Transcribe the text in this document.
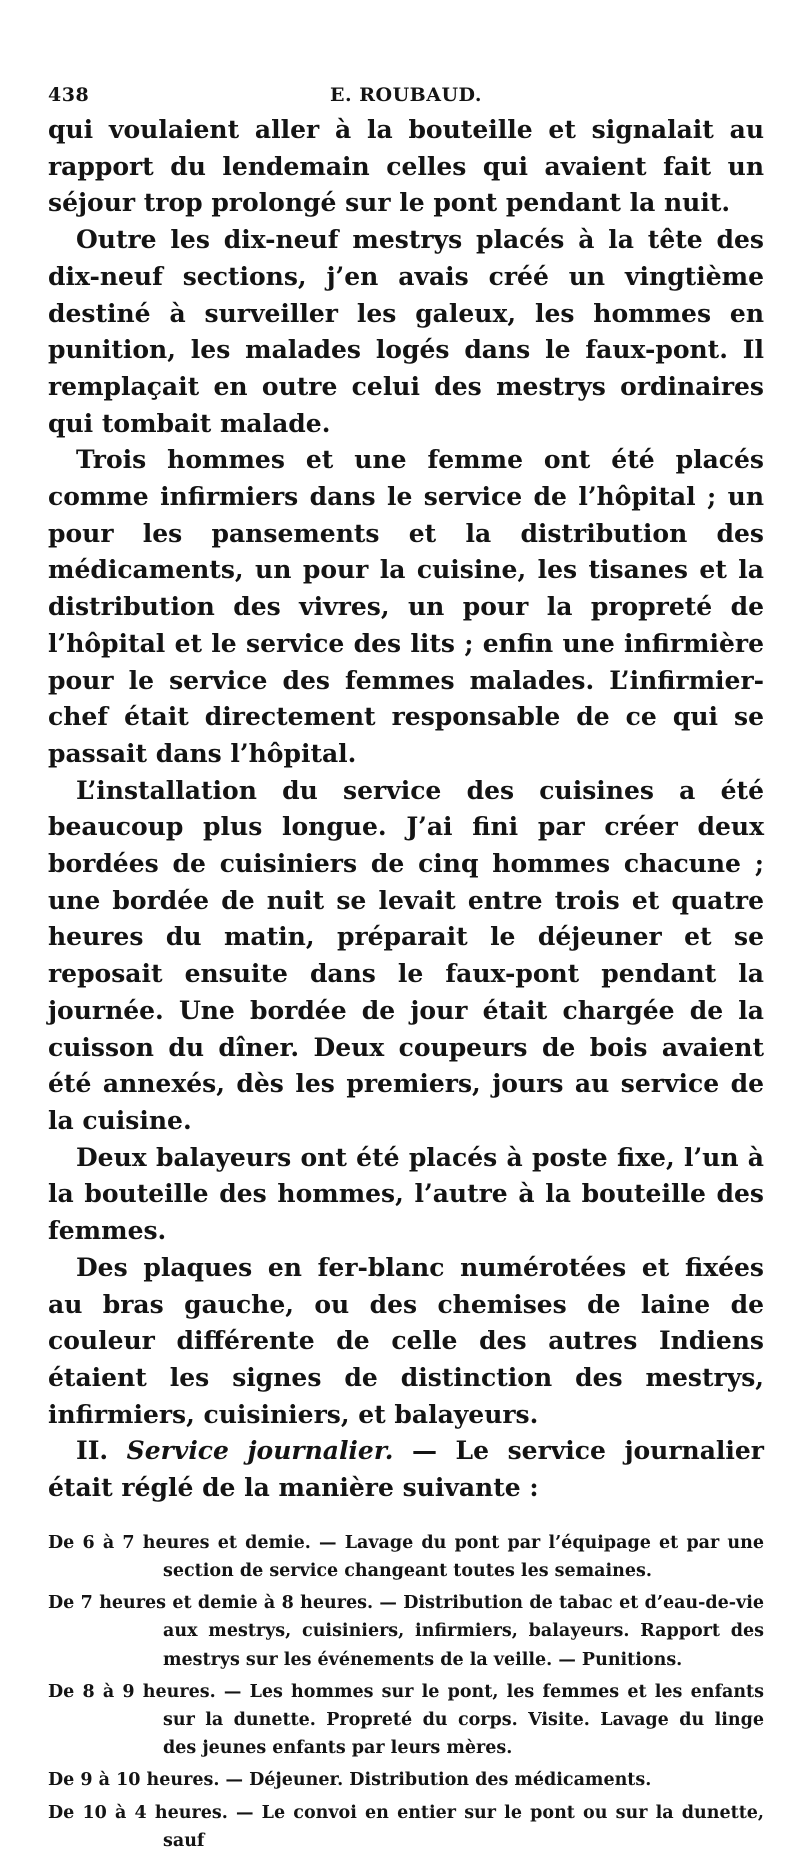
438	E. ROUBAUD.

qui voulaient aller à la bouteille et signalait au rapport du lendemain celles qui avaient fait un séjour trop prolongé sur le pont pendant la nuit.

Outre les dix-neuf mestrys placés à la tête des dix-neuf sections, j’en avais créé un vingtième destiné à surveiller les galeux, les hommes en punition, les malades logés dans le faux-pont. Il remplaçait en outre celui des mestrys ordinaires qui tombait malade.

Trois hommes et une femme ont été placés comme infirmiers dans le service de l’hôpital ; un pour les pansements et la distribution des médicaments, un pour la cuisine, les tisanes et la distribution des vivres, un pour la propreté de l’hôpital et le service des lits ; enfin une infirmière pour le service des femmes malades. L’infirmier-chef était directement responsable de ce qui se passait dans l’hôpital.

L’installation du service des cuisines a été beaucoup plus longue. J’ai fini par créer deux bordées de cuisiniers de cinq hommes chacune ; une bordée de nuit se levait entre trois et quatre heures du matin, préparait le déjeuner et se reposait ensuite dans le faux-pont pendant la journée. Une bordée de jour était chargée de la cuisson du dîner. Deux coupeurs de bois avaient été annexés, dès les premiers, jours au service de la cuisine.

Deux balayeurs ont été placés à poste fixe, l’un à la bouteille des hommes, l’autre à la bouteille des femmes.

Des plaques en fer-blanc numérotées et fixées au bras gauche, ou des chemises de laine de couleur différente de celle des autres Indiens étaient les signes de distinction des mestrys, infirmiers, cuisiniers, et balayeurs.

II. Service journalier. — Le service journalier était réglé de la manière suivante :

De 6 à 7 heures et demie. — Lavage du pont par l’équipage et par une section de service changeant toutes les semaines.
De 7 heures et demie à 8 heures. — Distribution de tabac et d’eau-de-vie aux mestrys, cuisiniers, infirmiers, balayeurs. Rapport des mestrys sur les événements de la veille. — Punitions.
De 8 à 9 heures. — Les hommes sur le pont, les femmes et les enfants sur la dunette. Propreté du corps. Visite. Lavage du linge des jeunes enfants par leurs mères.
De 9 à 10 heures. — Déjeuner. Distribution des médicaments.
De 10 à 4 heures. — Le convoi en entier sur le pont ou sur la dunette, sauf
